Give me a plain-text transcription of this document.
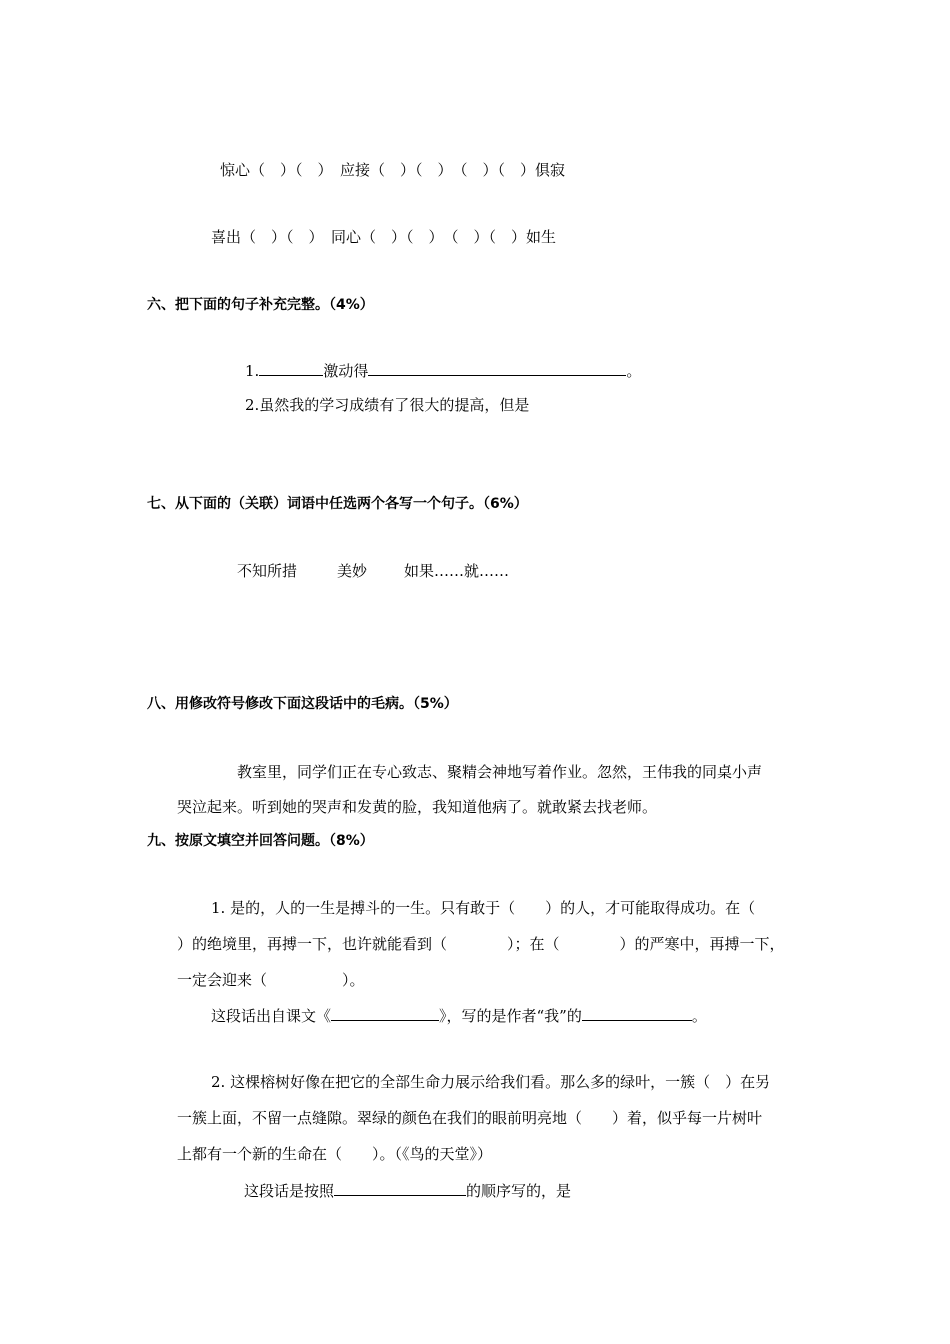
惊心（　）（　）　应接（　）（　）　（　）（　）俱寂
喜出（　）（　）　同心（　）（　）　（　）（　）如生
六、把下面的句子补充完整。（4%）
1.	激动得	。
2.虽然我的学习成绩有了很大的提高，但是
七、从下面的（关联）词语中任选两个各写一个句子。（6%）
不知所措	美妙 如果……就……
八、用修改符号修改下面这段话中的毛病。（5%）
教室里，同学们正在专心致志、聚精会神地写着作业。忽然，王伟我的同桌小声
哭泣起来。听到她的哭声和发黄的脸，我知道他病了。就敢紧去找老师。
九、按原文填空并回答问题。（8%）
1. 是的，人的一生是搏斗的一生。只有敢于（　　）的人，才可能取得成功。在（
）的绝境里，再搏一下，也许就能看到（　　　　）；在（　　　　）的严寒中，再搏一下，
一定会迎来（　　　　　）。
这段话出自课文《	》，写的是作者“我”的	。
2. 这棵榕树好像在把它的全部生命力展示给我们看。那么多的绿叶，一簇（　）在另
一簇上面，不留一点缝隙。翠绿的颜色在我们的眼前明亮地（　　）着，似乎每一片树叶
上都有一个新的生命在（　　）。（《鸟的天堂》）
这段话是按照	的顺序写的，是
